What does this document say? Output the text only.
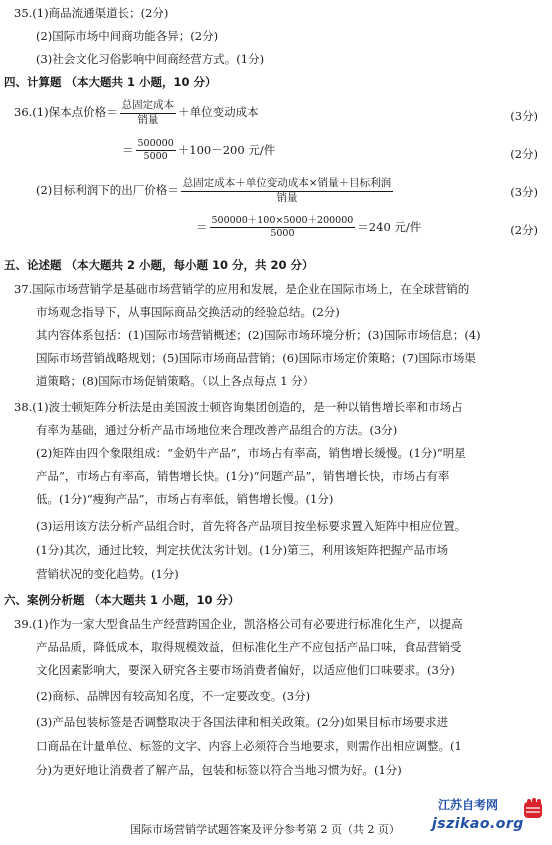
35.(1)商品流通渠道长；(2分)
(2)国际市场中间商功能各异；(2分)
(3)社会文化习俗影响中间商经营方式。(1分)
四、计算题 （本大题共 1 小题，10 分）
36.(1)保本点价格＝ $\frac{\text{总固定成本}}{\text{销量}}$ ＋单位变动成本	(3分)
＝ $\frac{500000}{5000} +100-200$ 元/件	(2分)
(2)目标利润下的出厂价格＝ $\frac{\text{总固定成本＋单位变动成本×销量＋目标利润}}{\text{销量}}$	(3分)
＝ $\frac{500000+100\times 5000+200000}{5000} =240$ 元/件	(2分)
五、论述题 （本大题共 2 小题，每小题 10 分，共 20 分）
37.国际市场营销学是基础市场营销学的应用和发展，是企业在国际市场上，在全球营销的
市场观念指导下，从事国际商品交换活动的经验总结。(2分)
其内容体系包括：(1)国际市场营销概述；(2)国际市场环境分析；(3)国际市场信息；(4)
国际市场营销战略规划；(5)国际市场商品营销；(6)国际市场定价策略；(7)国际市场渠
道策略；(8)国际市场促销策略。（以上各点每点 1 分）
38.(1)波士顿矩阵分析法是由美国波士顿咨询集团创造的，是一种以销售增长率和市场占
有率为基础，通过分析产品市场地位来合理改善产品组合的方法。(3分)
(2)矩阵由四个象限组成：“金奶牛产品”，市场占有率高，销售增长缓慢。(1分)“明星
产品”，市场占有率高，销售增长快。(1分)“问题产品”，销售增长快，市场占有率
低。(1分)“瘦狗产品”，市场占有率低，销售增长慢。(1分)
(3)运用该方法分析产品组合时，首先将各产品项目按坐标要求置入矩阵中相应位置。
(1分)其次，通过比较，判定扶优汰劣计划。(1分)第三，利用该矩阵把握产品市场
营销状况的变化趋势。(1分)
六、案例分析题 （本大题共 1 小题，10 分）
39.(1)作为一家大型食品生产经营跨国企业，凯洛格公司有必要进行标准化生产，以提高
产品品质，降低成本，取得规模效益，但标准化生产不应包括产品口味，食品营销受
文化因素影响大，要深入研究各主要市场消费者偏好，以适应他们口味要求。(3分)
(2)商标、品牌因有较高知名度，不一定要改变。(3分)
(3)产品包装标签是否调整取决于各国法律和相关政策。(2分)如果目标市场要求进
口商品在计量单位、标签的文字、内容上必须符合当地要求，则需作出相应调整。(1
分)为更好地让消费者了解产品，包装和标签以符合当地习惯为好。(1分)
国际市场营销学试题答案及评分参考第 2 页（共 2 页）
江苏自考网
jszikao.org
